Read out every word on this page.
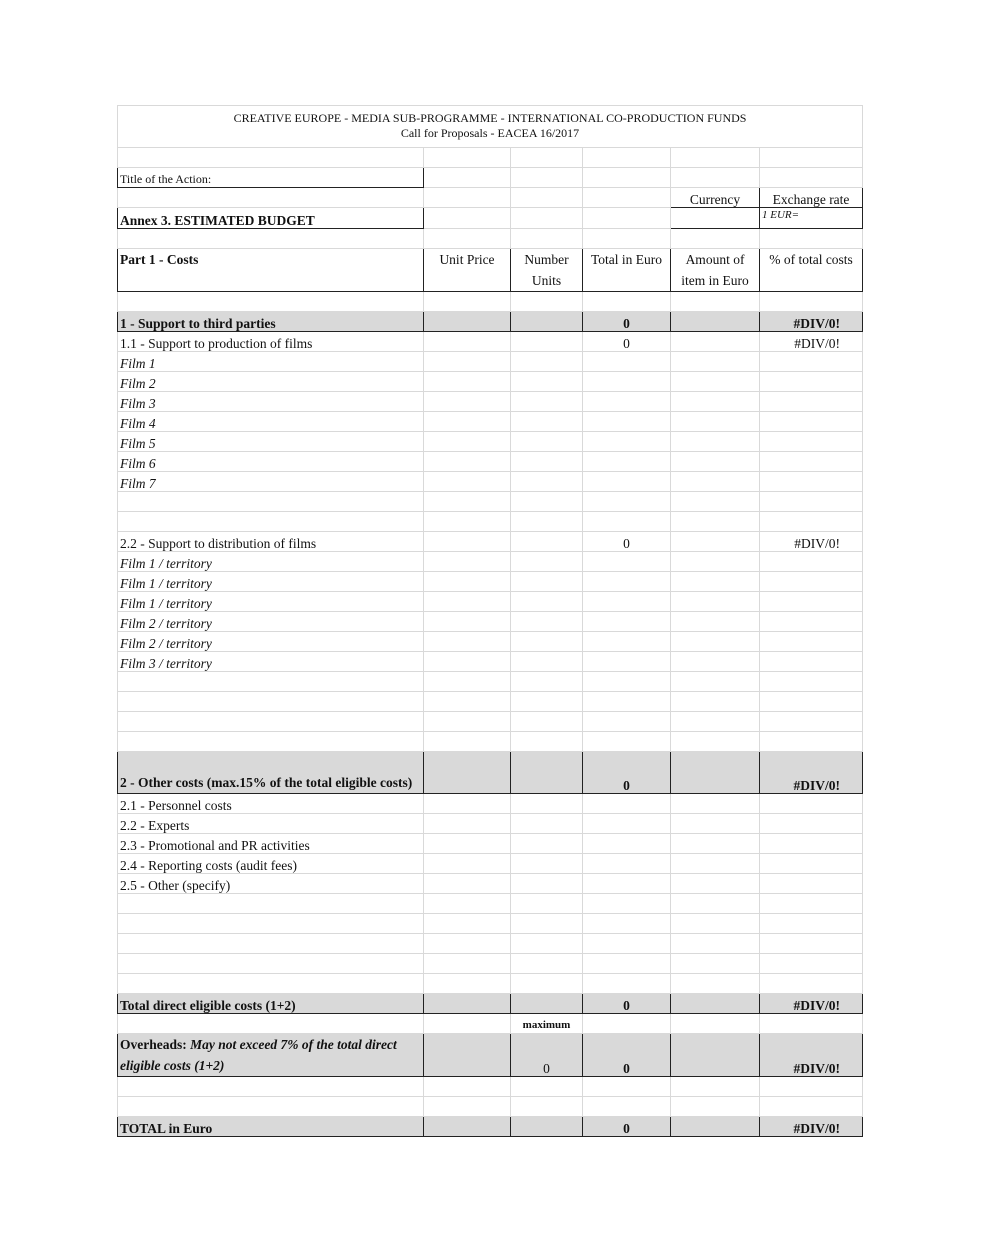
CREATIVE EUROPE - MEDIA SUB-PROGRAMME - INTERNATIONAL CO-PRODUCTION FUNDS					
Call for Proposals - EACEA 16/2017					

Title of the Action:					
				Currency	Exchange rate
Annex 3. ESTIMATED BUDGET					1 EUR=

Part 1 - Costs	Unit Price	Number Units	Total in Euro	Amount of item in Euro	% of total costs

1 - Support to third parties			0		#DIV/0!
1.1 - Support to production of films			0		#DIV/0!
Film 1					
Film 2					
Film 3					
Film 4					
Film 5					
Film 6					
Film 7					

2.2 - Support to distribution of films			0		#DIV/0!
Film 1 / territory					
Film 1 / territory					
Film 1 / territory					
Film 2 / territory					
Film 2 / territory					
Film 3 / territory					

2 - Other costs (max.15% of the total eligible costs)			0		#DIV/0!
2.1 - Personnel costs					
2.2 - Experts					
2.3 - Promotional and PR activities					
2.4 - Reporting costs (audit fees)					
2.5 - Other (specify)					

Total direct eligible costs (1+2)			0		#DIV/0!
		maximum			
Overheads: May not exceed 7% of the total direct eligible costs (1+2)		0	0		#DIV/0!

TOTAL in Euro			0		#DIV/0!
